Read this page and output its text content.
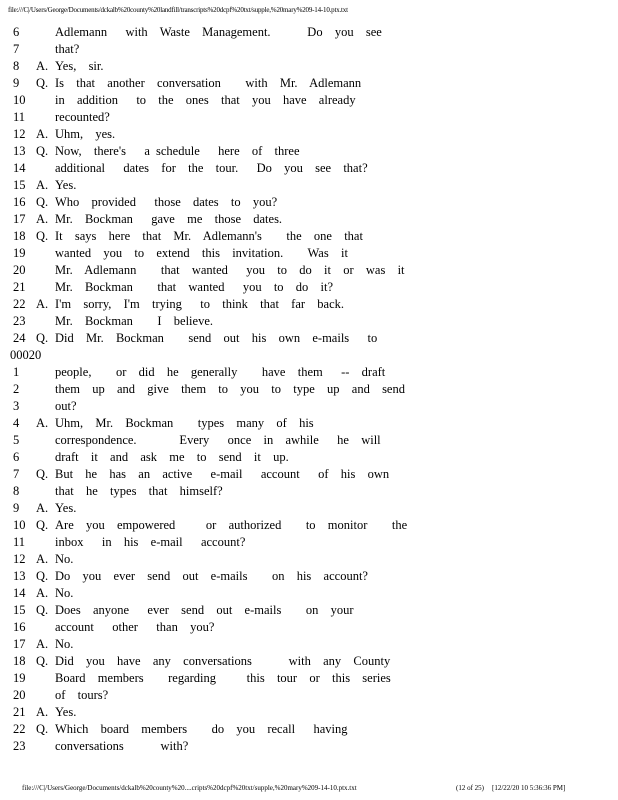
file:///C|/Users/George/Documents/dckalb%20county%20landfill/transcripts%20dcpf%20txt/supple,%20mary%209-14-10.ptx.txt
6	Adlemann   with  Waste  Management.      Do  you  see
7	that?
8 A. Yes,  sir.
9 Q. Is  that  another  conversation    with  Mr.  Adlemann
10 in  addition   to  the  ones  that  you  have  already
11 recounted?
12 A. Uhm,  yes.
13 Q. Now,  there's   a schedule   here  of  three
14 additional   dates  for  the  tour.   Do  you  see  that?
15 A. Yes.
16 Q. Who  provided   those  dates  to  you?
17 A. Mr.  Bockman   gave  me  those  dates.
18 Q. It  says  here  that  Mr.  Adlemann's    the  one  that
19 wanted  you  to  extend  this  invitation.    Was  it
20 Mr.  Adlemann    that  wanted   you  to  do  it  or  was  it
21 Mr.  Bockman    that  wanted   you  to  do  it?
22 A. I'm  sorry,  I'm  trying   to  think  that  far  back.
23 Mr.  Bockman    I  believe.
24 Q. Did  Mr.  Bockman    send  out  his  own  e-mails   to
00020
1	people,    or  did  he  generally    have  them   --  draft
2	them  up  and  give  them  to  you  to  type  up  and  send
3	out?
4 A. Uhm,  Mr.  Bockman    types  many  of  his
5	correspondence.       Every   once  in  awhile   he  will
6	draft  it  and  ask  me  to  send  it  up.
7 Q. But  he  has  an  active   e-mail   account   of  his  own
8	that  he  types  that  himself?
9 A. Yes.
10 Q. Are  you  empowered     or  authorized    to  monitor    the
11 inbox   in  his  e-mail   account?
12 A. No.
13 Q. Do  you  ever  send  out  e-mails    on  his  account?
14 A. No.
15 Q. Does  anyone   ever  send  out  e-mails    on  your
16 account   other   than  you?
17 A. No.
18 Q. Did  you  have  any  conversations      with  any  County
19 Board  members    regarding     this  tour  or  this  series
20 of  tours?
21 A. Yes.
22 Q. Which  board  members    do  you  recall   having
23 conversations      with?
file:///C|/Users/George/Documents/dckalb%20county%20....cripts%20dcpf%20txt/supple,%20mary%209-14-10.ptx.txt	(12 of 25) [12/22/20 10 5:36:36 PM]
